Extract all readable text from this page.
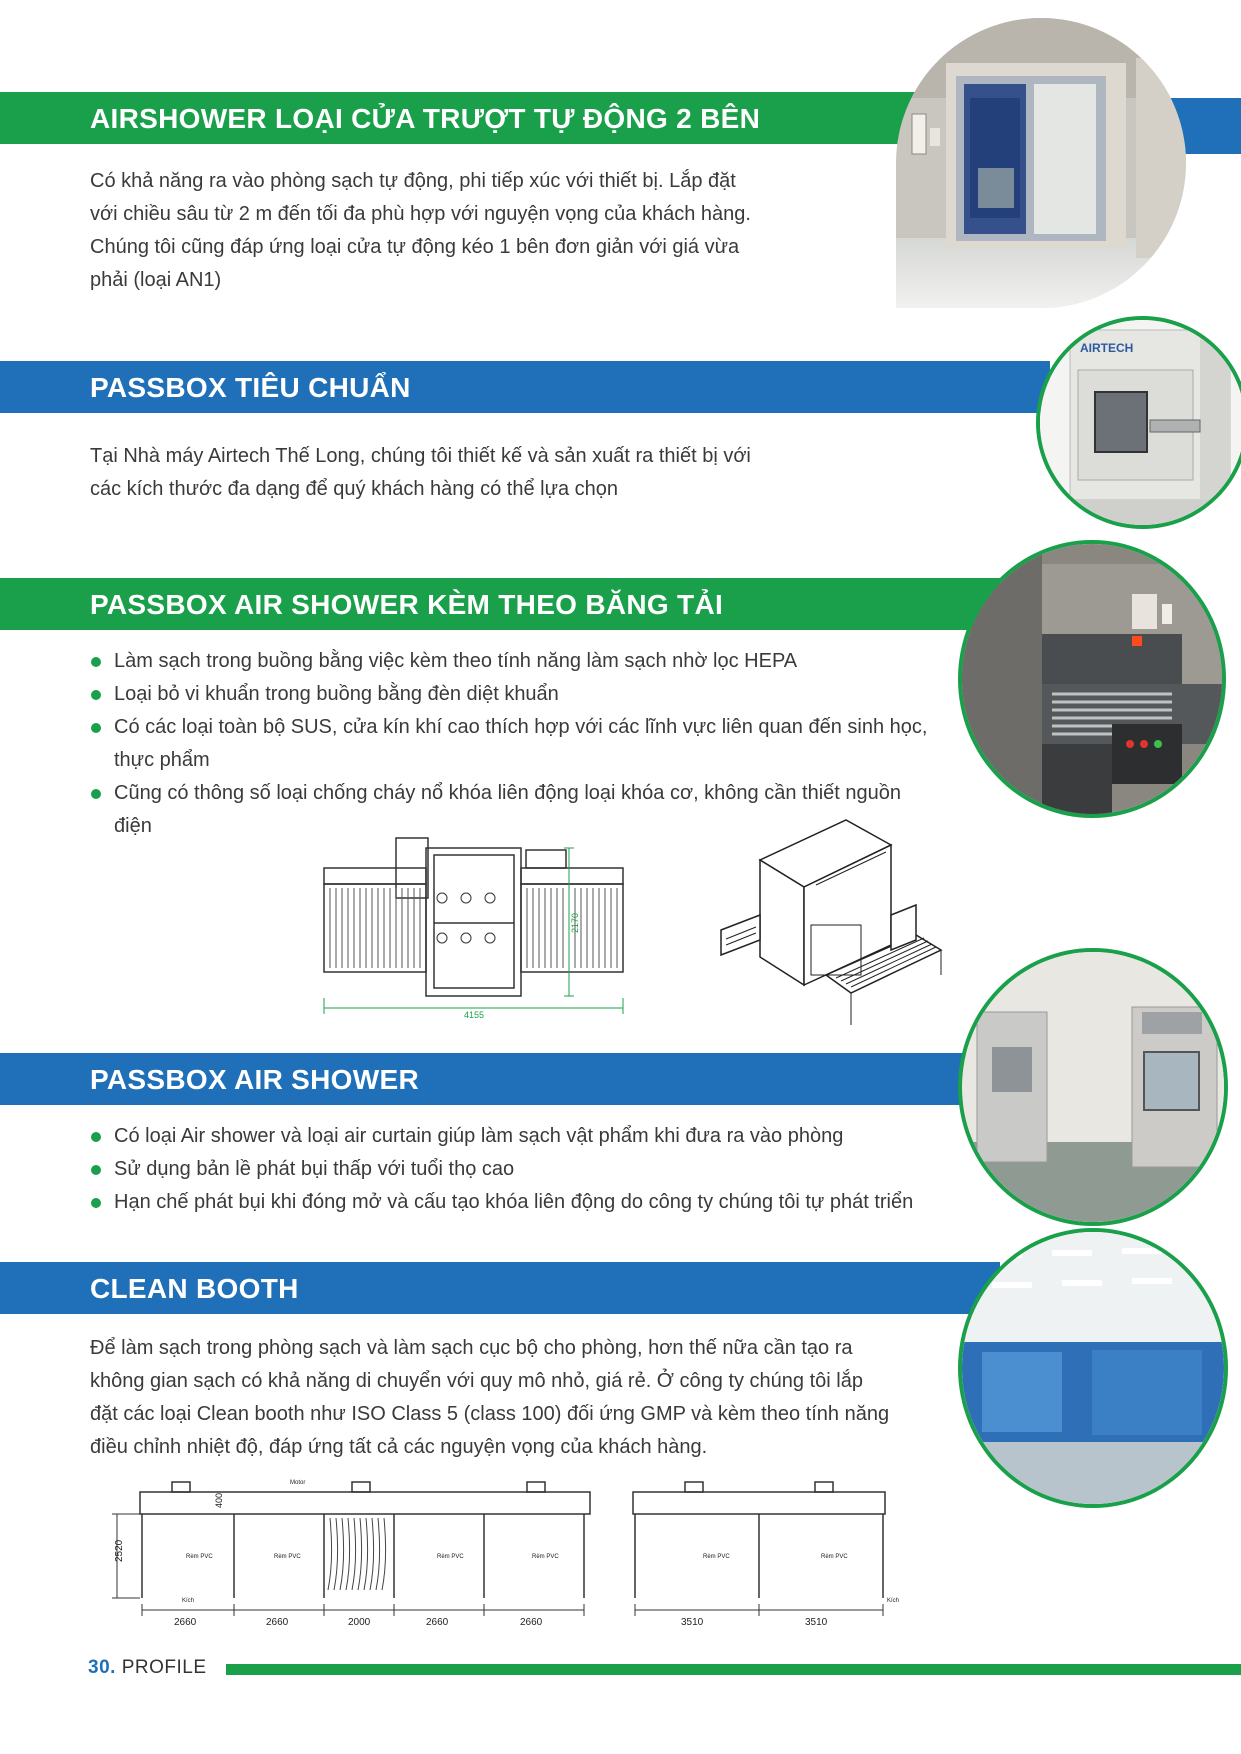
AIRSHOWER LOẠI CỬA TRƯỢT TỰ ĐỘNG 2 BÊN

Có khả năng ra vào phòng sạch tự động, phi tiếp xúc với thiết bị. Lắp đặt

với chiều sâu từ 2 m đến tối đa phù hợp với nguyện vọng của khách hàng.

Chúng tôi cũng đáp ứng loại cửa tự động kéo 1 bên đơn giản với giá vừa

phải (loại AN1)

PASSBOX TIÊU CHUẨN

Tại Nhà máy Airtech Thế Long, chúng tôi thiết kế và sản xuất ra thiết bị với

các kích thước đa dạng để quý khách hàng có thể lựa chọn

AIRTECH
PASSBOX AIR SHOWER KÈM THEO BĂNG TẢI
Làm sạch trong buồng bằng việc kèm theo tính năng làm sạch nhờ lọc HEPA
Loại bỏ vi khuẩn trong buồng bằng đèn diệt khuẩn
Có các loại toàn bộ SUS, cửa kín khí cao thích hợp với các lĩnh vực liên quan đến sinh học, thực phẩm
Cũng có thông số loại chống cháy nổ khóa liên động loại khóa cơ, không cần thiết nguồn điện
2170
4155
PASSBOX AIR SHOWER
Có loại Air shower và loại air curtain giúp làm sạch vật phẩm khi đưa ra vào phòng
Sử dụng bản lề phát bụi thấp với tuổi thọ cao
Hạn chế phát bụi khi đóng mở và cấu tạo khóa liên động do công ty chúng tôi tự phát triển
CLEAN BOOTH

Để làm sạch trong phòng sạch và làm sạch cục bộ cho phòng, hơn thế nữa cần tạo ra

không gian sạch có khả năng di chuyển với quy mô nhỏ, giá rẻ. Ở công ty chúng tôi lắp

đặt các loại Clean booth như ISO Class 5 (class 100) đối ứng GMP và kèm theo tính năng

điều chỉnh nhiệt độ, đáp ứng tất cả các nguyện vọng của khách hàng.

Rèm PVC	Rèm PVC	Rèm PVC	Rèm PVC
Motor
Kích
2520
400
2660	2660	2000	2660	2660
Rèm PVC	Rèm PVC
Kích
3510	3510
30. PROFILE
